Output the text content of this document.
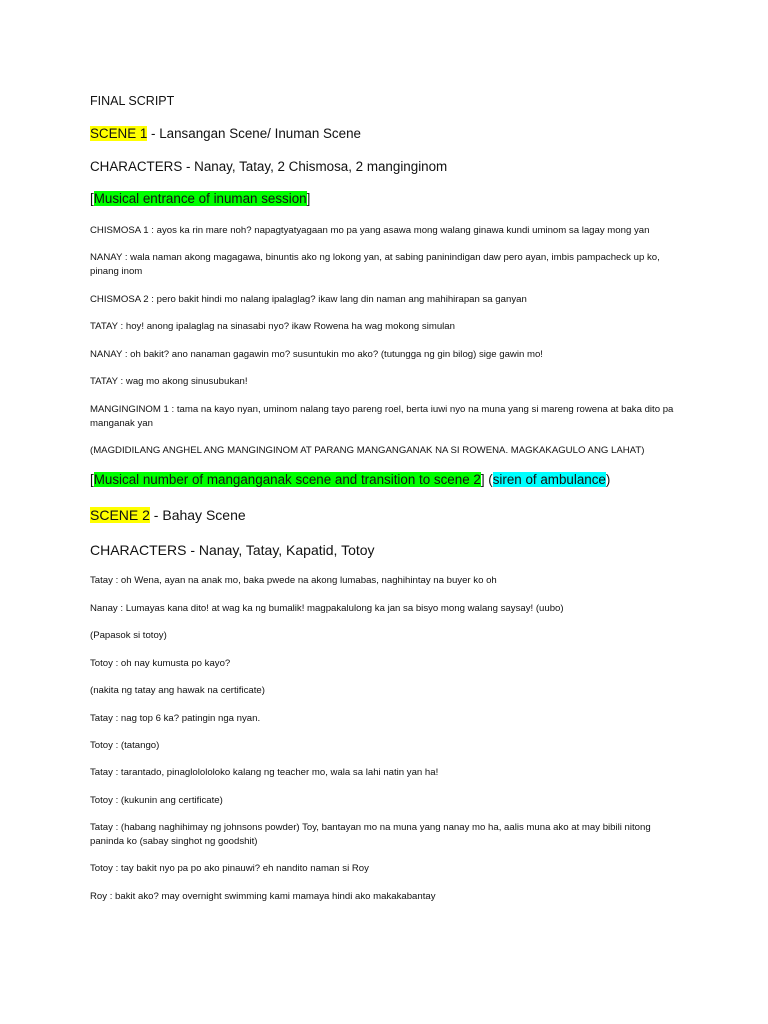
FINAL SCRIPT
SCENE 1 - Lansangan Scene/ Inuman Scene
CHARACTERS - Nanay, Tatay, 2 Chismosa, 2 manginginom
[Musical entrance of inuman session]
CHISMOSA 1 : ayos ka rin mare noh? napagtyatyagaan mo pa yang asawa mong walang ginawa kundi uminom sa lagay mong yan
NANAY : wala naman akong magagawa, binuntis ako ng lokong yan, at sabing paninindigan daw pero ayan, imbis pampacheck up ko, pinang inom
CHISMOSA 2 : pero bakit hindi mo nalang ipalaglag? ikaw lang din naman ang mahihirapan sa ganyan
TATAY : hoy! anong ipalaglag na sinasabi nyo? ikaw Rowena ha wag mokong simulan
NANAY : oh bakit? ano nanaman gagawin mo? susuntukin mo ako? (tutungga ng gin bilog) sige gawin mo!
TATAY : wag mo akong sinusubukan!
MANGINGINOM 1 : tama na kayo nyan, uminom nalang tayo pareng roel, berta iuwi nyo na muna yang si mareng rowena at baka dito pa manganak yan
(MAGDIDILANG ANGHEL ANG MANGINGINOM AT PARANG MANGANGANAK NA SI ROWENA. MAGKAKAGULO ANG LAHAT)
[Musical number of manganganak scene and transition to scene 2] (siren of ambulance)
SCENE 2 - Bahay Scene
CHARACTERS - Nanay, Tatay, Kapatid, Totoy
Tatay : oh Wena, ayan na anak mo, baka pwede na akong lumabas, naghihintay na buyer ko oh
Nanay : Lumayas kana dito! at wag ka ng bumalik! magpakalulong ka jan sa bisyo mong walang saysay! (uubo)
(Papasok si totoy)
Totoy : oh nay kumusta po kayo?
(nakita ng tatay ang hawak na certificate)
Tatay : nag top 6 ka? patingin nga nyan.
Totoy : (tatango)
Tatay : tarantado, pinaglolololoko kalang ng teacher mo, wala sa lahi natin yan ha!
Totoy : (kukunin ang certificate)
Tatay : (habang naghihimay ng johnsons powder) Toy, bantayan mo na muna yang nanay mo ha, aalis muna ako at may bibili nitong paninda ko (sabay singhot ng goodshit)
Totoy : tay bakit nyo pa po ako pinauwi? eh nandito naman si Roy
Roy : bakit ako? may overnight swimming kami mamaya hindi ako makakabantay
